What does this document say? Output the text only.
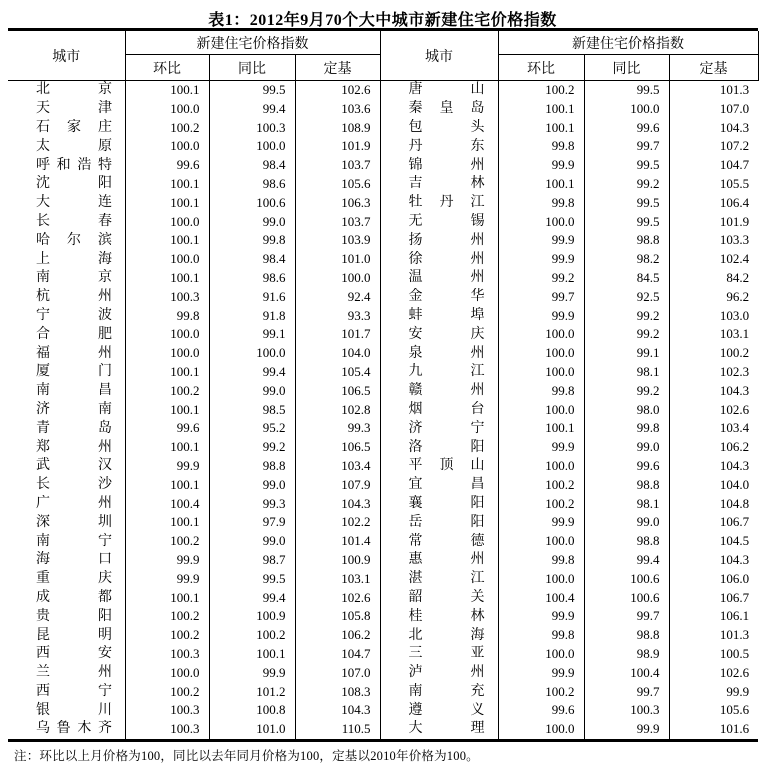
表1：2012年9月70个大中城市新建住宅价格指数
城市	新建住宅价格指数			城市	新建住宅价格指数		
	环比	同比	定基		环比	同比	定基

北京	100.1	99.5	102.6	唐山	100.2	99.5	101.3

天津	100.0	99.4	103.6	秦皇岛	100.1	100.0	107.0

石家庄	100.2	100.3	108.9	包头	100.1	99.6	104.3

太原	100.0	100.0	101.9	丹东	99.8	99.7	107.2

呼和浩特	99.6	98.4	103.7	锦州	99.9	99.5	104.7

沈阳	100.1	98.6	105.6	吉林	100.1	99.2	105.5

大连	100.1	100.6	106.3	牡丹江	99.8	99.5	106.4

长春	100.0	99.0	103.7	无锡	100.0	99.5	101.9

哈尔滨	100.1	99.8	103.9	扬州	99.9	98.8	103.3

上海	100.0	98.4	101.0	徐州	99.9	98.2	102.4

南京	100.1	98.6	100.0	温州	99.2	84.5	84.2

杭州	100.3	91.6	92.4	金华	99.7	92.5	96.2

宁波	99.8	91.8	93.3	蚌埠	99.9	99.2	103.0

合肥	100.0	99.1	101.7	安庆	100.0	99.2	103.1

福州	100.0	100.0	104.0	泉州	100.0	99.1	100.2

厦门	100.1	99.4	105.4	九江	100.0	98.1	102.3

南昌	100.2	99.0	106.5	赣州	99.8	99.2	104.3

济南	100.1	98.5	102.8	烟台	100.0	98.0	102.6

青岛	99.6	95.2	99.3	济宁	100.1	99.8	103.4

郑州	100.1	99.2	106.5	洛阳	99.9	99.0	106.2

武汉	99.9	98.8	103.4	平顶山	100.0	99.6	104.3

长沙	100.1	99.0	107.9	宜昌	100.2	98.8	104.0

广州	100.4	99.3	104.3	襄阳	100.2	98.1	104.8

深圳	100.1	97.9	102.2	岳阳	99.9	99.0	106.7

南宁	100.2	99.0	101.4	常德	100.0	98.8	104.5

海口	99.9	98.7	100.9	惠州	99.8	99.4	104.3

重庆	99.9	99.5	103.1	湛江	100.0	100.6	106.0

成都	100.1	99.4	102.6	韶关	100.4	100.6	106.7

贵阳	100.2	100.9	105.8	桂林	99.9	99.7	106.1

昆明	100.2	100.2	106.2	北海	99.8	98.8	101.3

西安	100.3	100.1	104.7	三亚	100.0	98.9	100.5

兰州	100.0	99.9	107.0	泸州	99.9	100.4	102.6

西宁	100.2	101.2	108.3	南充	100.2	99.7	99.9

银川	100.3	100.8	104.3	遵义	99.6	100.3	105.6

乌鲁木齐	100.3	101.0	110.5	大理	100.0	99.9	101.6
注：环比以上月价格为100，同比以去年同月价格为100，定基以2010年价格为100。
